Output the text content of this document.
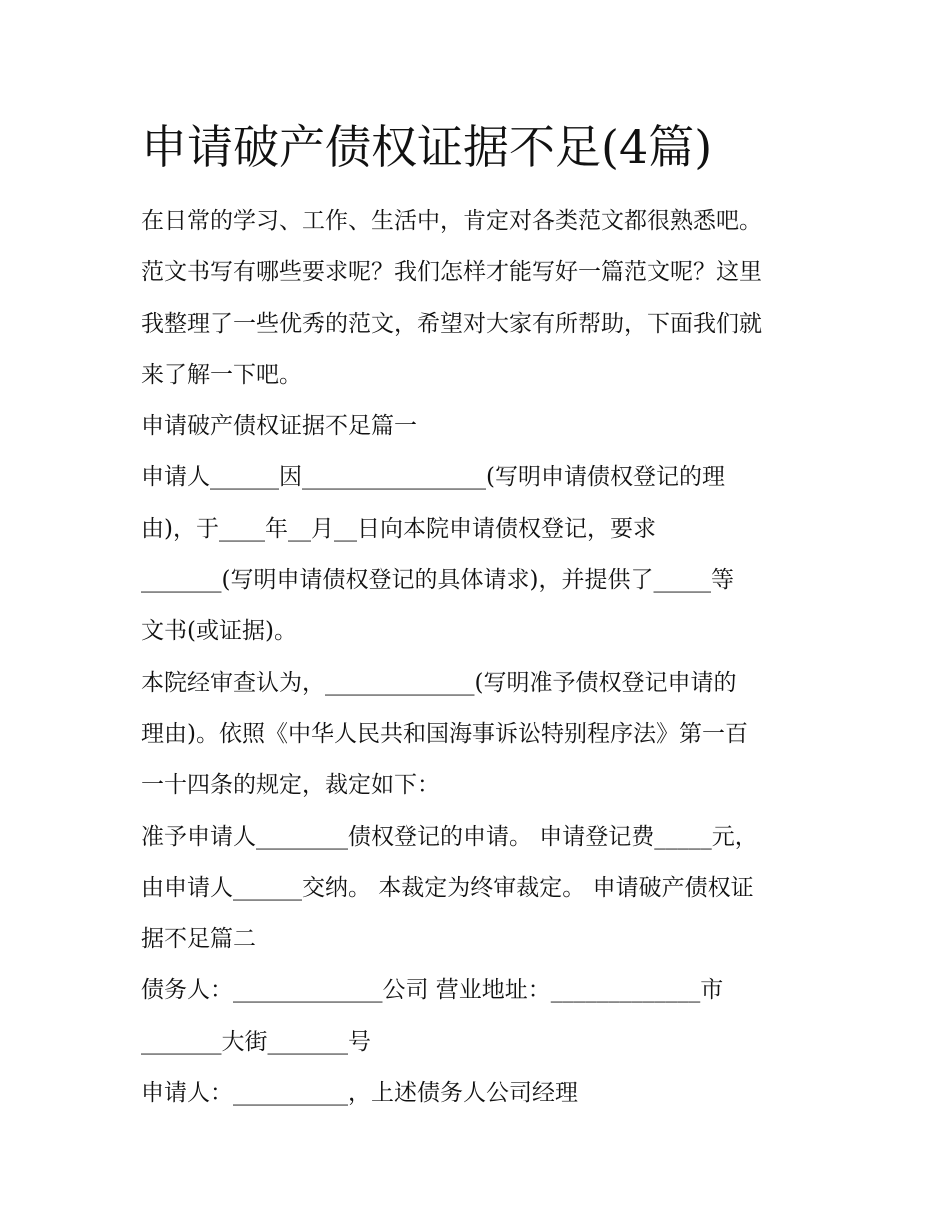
申请破产债权证据不足(4篇)

在日常的学习、工作、生活中，肯定对各类范文都很熟悉吧。

范文书写有哪些要求呢？我们怎样才能写好一篇范文呢？这里

我整理了一些优秀的范文，希望对大家有所帮助，下面我们就

来了解一下吧。

申请破产债权证据不足篇一

申请人______因________________(写明申请债权登记的理

由)，于____年__月__日向本院申请债权登记，要求

_______(写明申请债权登记的具体请求)，并提供了_____等

文书(或证据)。

本院经审查认为，_____________(写明准予债权登记申请的

理由)。依照《中华人民共和国海事诉讼特别程序法》第一百

一十四条的规定，裁定如下：

准予申请人________债权登记的申请。 申请登记费_____元，

由申请人______交纳。 本裁定为终审裁定。 申请破产债权证

据不足篇二

债务人：_____________公司 营业地址：_____________市

_______大街_______号

申请人：__________，上述债务人公司经理
